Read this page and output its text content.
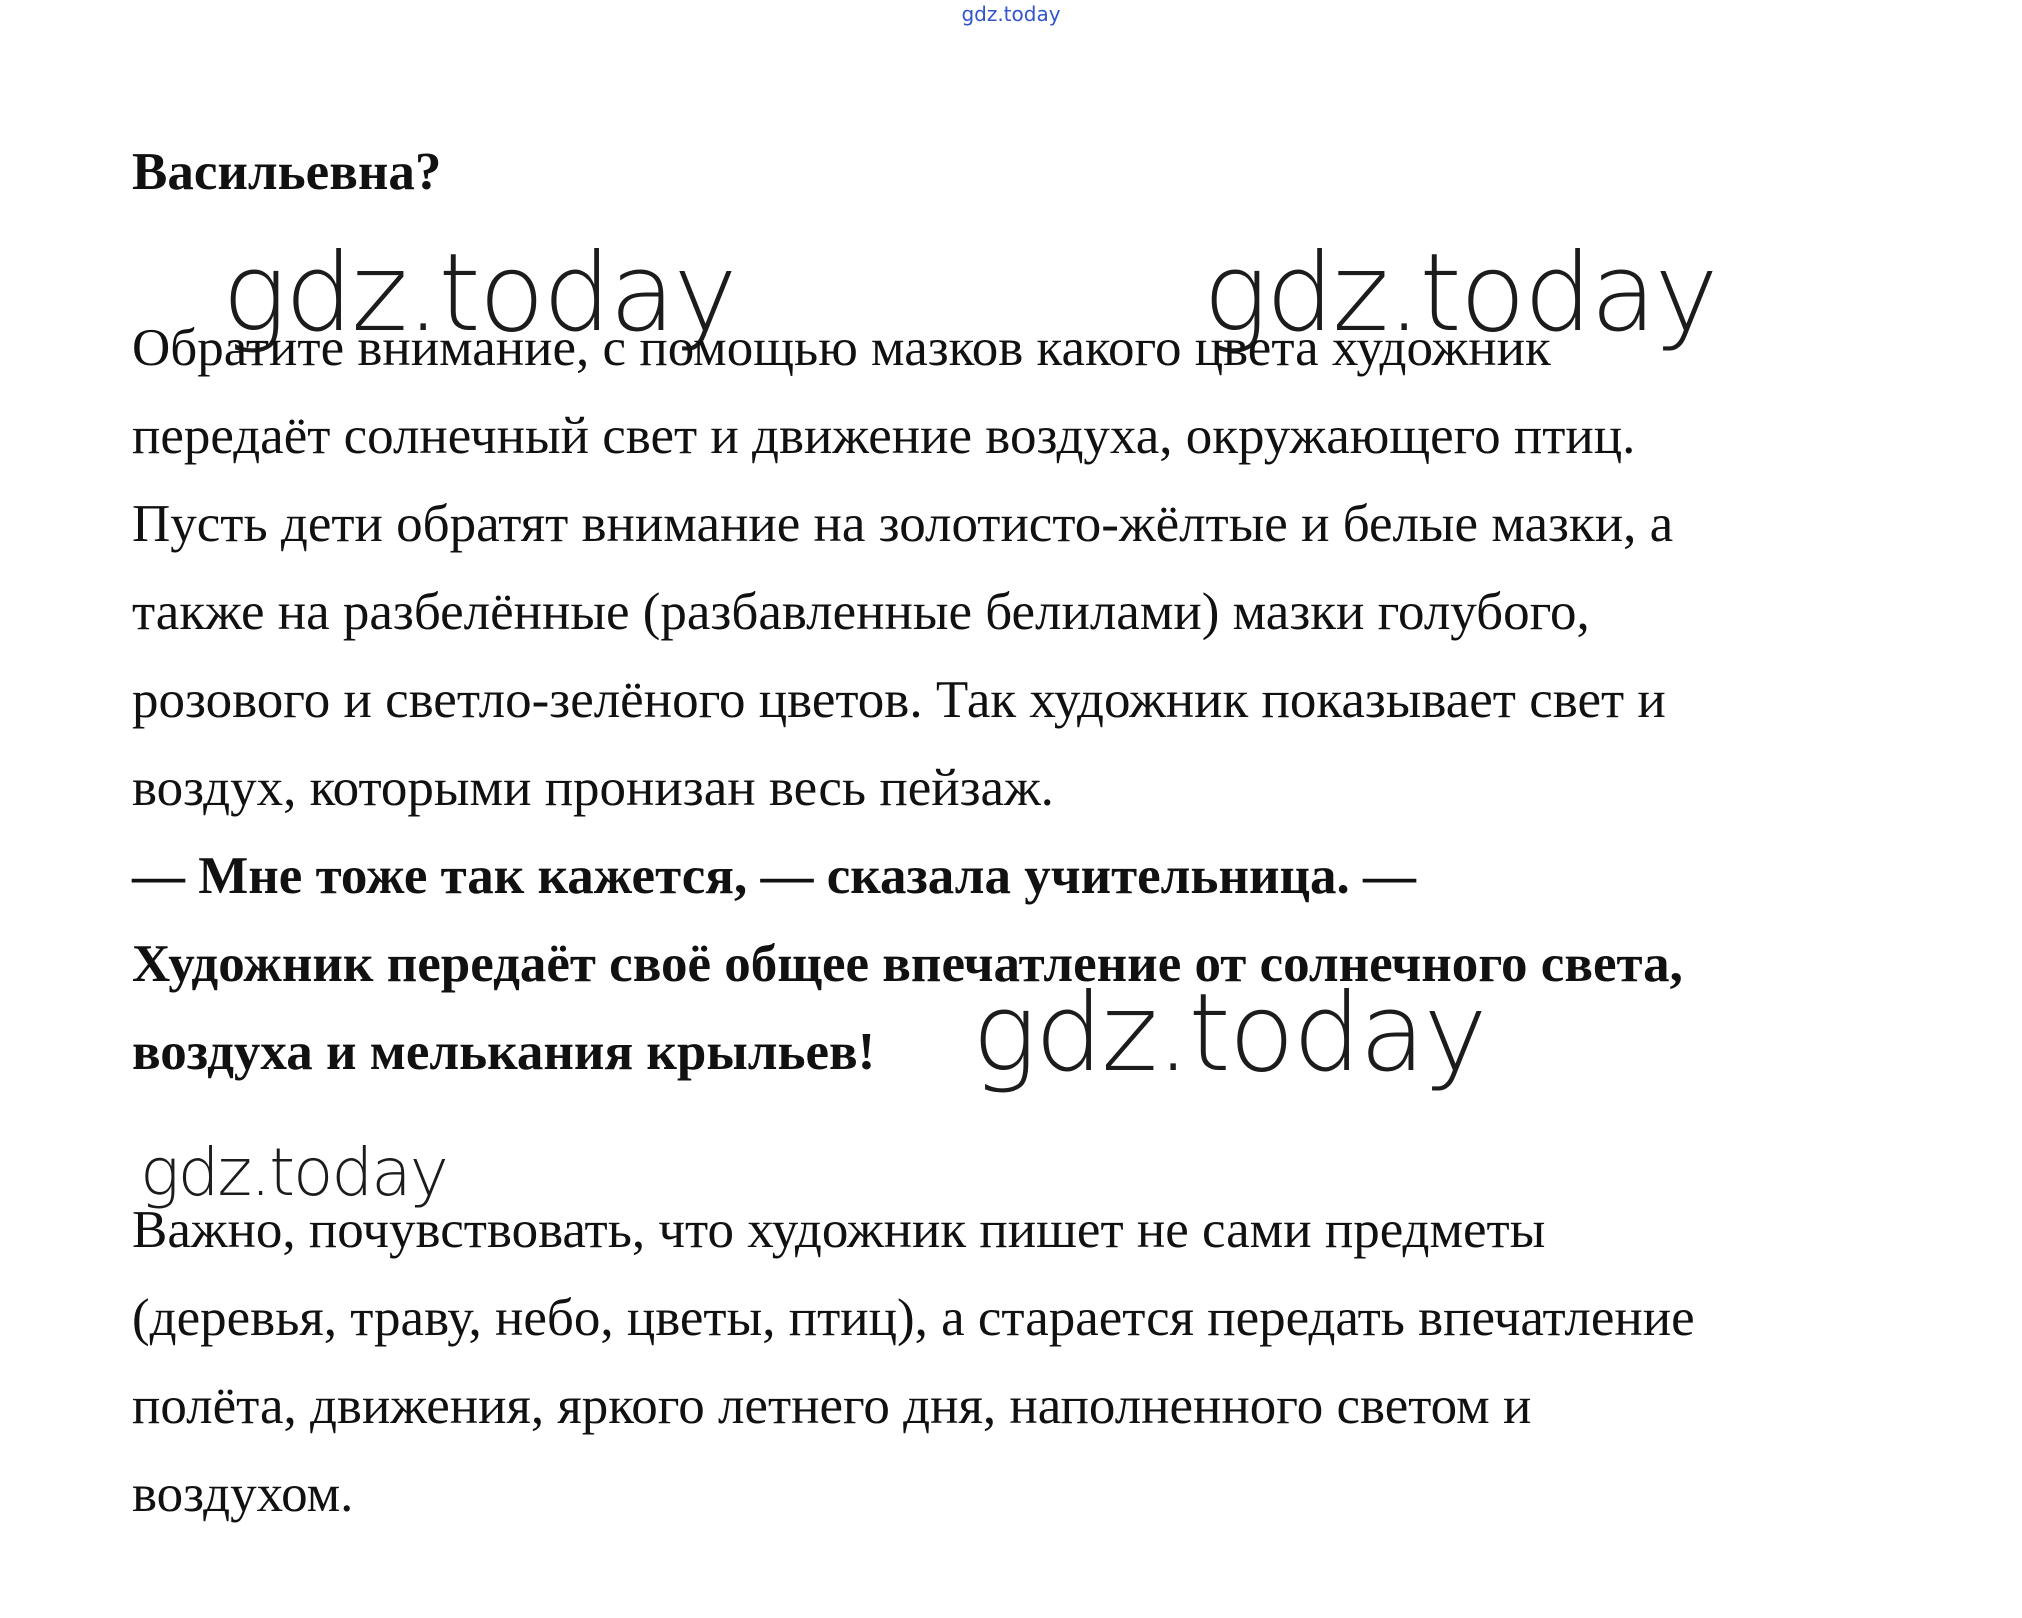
gdz.today
Васильевна?
gdz.today	gdz.today
Обратите внимание, с помощью мазков какого цвета художник
передаёт солнечный свет и движение воздуха, окружающего птиц.
Пусть дети обратят внимание на золотисто-жёлтые и белые мазки, а
также на разбелённые (разбавленные белилами) мазки голубого,
розового и светло-зелёного цветов. Так художник показывает свет и
воздух, которыми пронизан весь пейзаж.
— Мне тоже так кажется, — сказала учительница. —
Художник передаёт своё общее впечатление от солнечного света,
воздуха и мелькания крыльев! gdz.today
gdz.today
Важно, почувствовать, что художник пишет не сами предметы
(деревья, траву, небо, цветы, птиц), а старается передать впечатление
полёта, движения, яркого летнего дня, наполненного светом и
воздухом.
